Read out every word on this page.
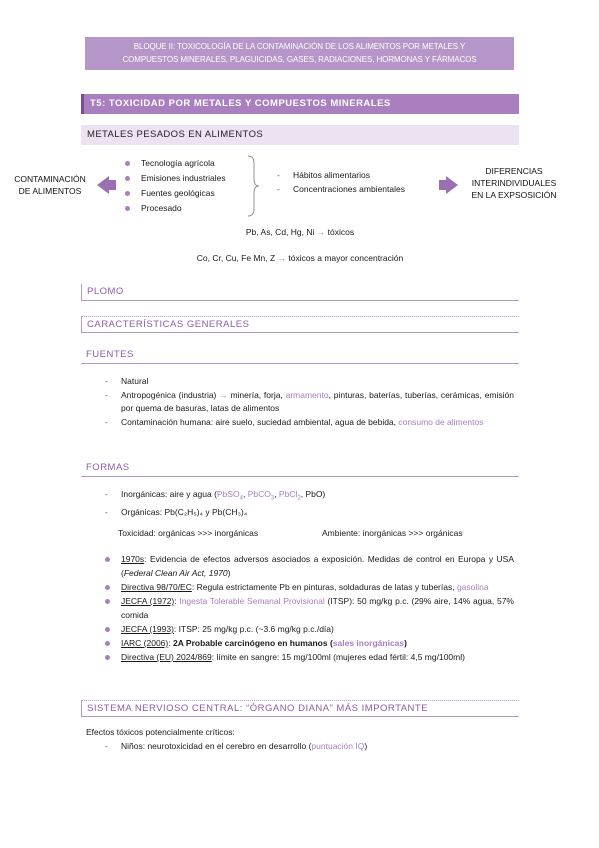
BLOQUE II: TOXICOLOGÍA DE LA CONTAMINACIÓN DE LOS ALIMENTOS POR METALES Y
COMPUESTOS MINERALES, PLAGUICIDAS, GASES, RADIACIONES, HORMONAS Y FÁRMACOS
T5: TOXICIDAD POR METALES Y COMPUESTOS MINERALES
METALES PESADOS EN ALIMENTOS
CONTAMINACIÓN
DE ALIMENTOS
Tecnología agrícola
Emisiones industriales
Fuentes geológicas
Procesado
- Hábitos alimentarios
- Concentraciones ambientales
DIFERENCIAS
INTERINDIVIDUALES
EN LA EXPSOSICIÓN
Pb, As, Cd, Hg, Ni → tóxicos
Co, Cr, Cu, Fe Mn, Z → tóxicos a mayor concentración
PLOMO
CARACTERÍSTICAS GENERALES
FUENTES
- Natural
- Antropogénica (industria) → minería, forja, armamento, pinturas, baterías, tuberías, cerámicas, emisión por quema de basuras, latas de alimentos
- Contaminación humana: aire suelo, suciedad ambiental, agua de bebida, consumo de alimentos
FORMAS
- Inorgánicas: aire y agua (PbSO$_4$, PbCO$_3$, PbCl$_2$, PbO)
- Orgánicas: Pb(C₂H₅)₄ y Pb(CH₃)₄
Toxicidad: orgánicas >>> inorgánicas	Ambiente: inorgánicas >>> orgánicas
1970s: Evidencia de efectos adversos asociados a exposición. Medidas de control en Europa y USA (Federal Clean Air Act, 1970)
Directiva 98/70/EC: Regula estrictamente Pb en pinturas, soldaduras de latas y tuberías, gasolina
JECFA (1972): Ingesta Tolerable Semanal Provisional (ITSP): 50 mg/kg p.c. (29% aire, 14% agua, 57% comida
JECFA (1993): ITSP: 25 mg/kg p.c. (~3.6 mg/kg p.c./día)
IARC (2006): 2A Probable carcinógeno en humanos (sales inorgánicas)
Directiva (EU) 2024/869: límite en sangre: 15 mg/100ml (mujeres edad fértil: 4,5 mg/100ml)
SISTEMA NERVIOSO CENTRAL: “ÓRGANO DIANA” MÁS IMPORTANTE
Efectos tóxicos potencialmente críticos:
- Niños: neurotoxicidad en el cerebro en desarrollo (puntuación IQ)
